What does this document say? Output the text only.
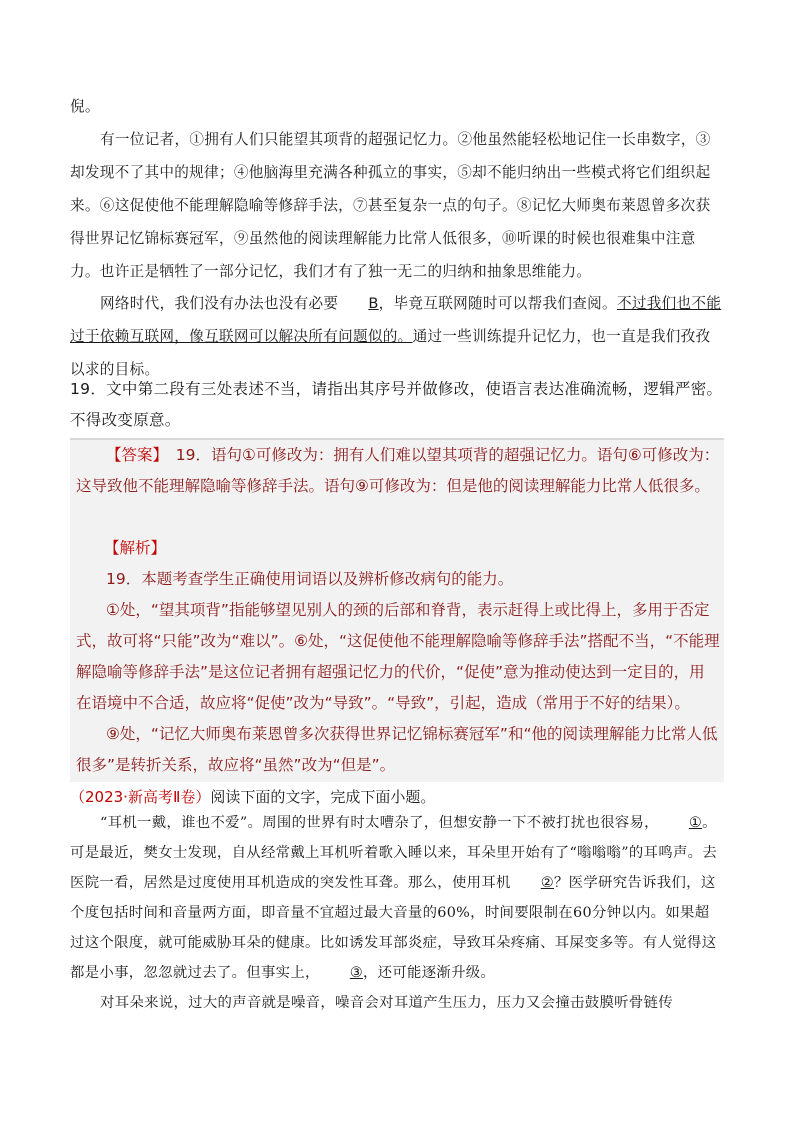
倪。

有一位记者，①拥有人们只能望其项背的超强记忆力。②他虽然能轻松地记住一长串数字，③却发现不了其中的规律；④他脑海里充满各种孤立的事实，⑤却不能归纳出一些模式将它们组织起来。⑥这促使他不能理解隐喻等修辞手法，⑦甚至复杂一点的句子。⑧记忆大师奥布莱恩曾多次获得世界记忆锦标赛冠军，⑨虽然他的阅读理解能力比常人低很多，⑩听课的时候也很难集中注意力。也许正是牺牲了一部分记忆，我们才有了独一无二的归纳和抽象思维能力。

网络时代，我们没有办法也没有必要 B，毕竟互联网随时可以帮我们查阅。不过我们也不能过于依赖互联网，像互联网可以解决所有问题似的。通过一些训练提升记忆力，也一直是我们孜孜以求的目标。

19．文中第二段有三处表述不当，请指出其序号并做修改，使语言表达准确流畅，逻辑严密。不得改变原意。

【答案】　19．语句①可修改为：拥有人们难以望其项背的超强记忆力。语句⑥可修改为：这导致他不能理解隐喻等修辞手法。语句⑨可修改为：但是他的阅读理解能力比常人低很多。

【解析】

19．本题考查学生正确使用词语以及辨析修改病句的能力。

①处，“望其项背”指能够望见别人的颈的后部和脊背，表示赶得上或比得上，多用于否定式，故可将“只能”改为“难以”。⑥处，“这促使他不能理解隐喻等修辞手法”搭配不当，“不能理解隐喻等修辞手法”是这位记者拥有超强记忆力的代价，“促使”意为推动使达到一定目的，用在语境中不合适，故应将“促使”改为“导致”。“导致”，引起，造成（常用于不好的结果）。

⑨处，“记忆大师奥布莱恩曾多次获得世界记忆锦标赛冠军”和“他的阅读理解能力比常人低很多”是转折关系，故应将“虽然”改为“但是”。

（2023·新高考Ⅱ卷）阅读下面的文字，完成下面小题。

“耳机一戴，谁也不爱”。周围的世界有时太嘈杂了，但想安静一下不被打扰也很容易， ①。可是最近，樊女士发现，自从经常戴上耳机听着歌入睡以来，耳朵里开始有了“嗡嗡嗡”的耳鸣声。去医院一看，居然是过度使用耳机造成的突发性耳聋。那么，使用耳机 ②？医学研究告诉我们，这个度包括时间和音量两方面，即音量不宜超过最大音量的60%，时间要限制在60分钟以内。如果超过这个限度，就可能威胁耳朵的健康。比如诱发耳部炎症，导致耳朵疼痛、耳屎变多等。有人觉得这都是小事，忽忽就过去了。但事实上， ③，还可能逐渐升级。

对耳朵来说，过大的声音就是噪音，噪音会对耳道产生压力，压力又会撞击鼓膜听骨链传
